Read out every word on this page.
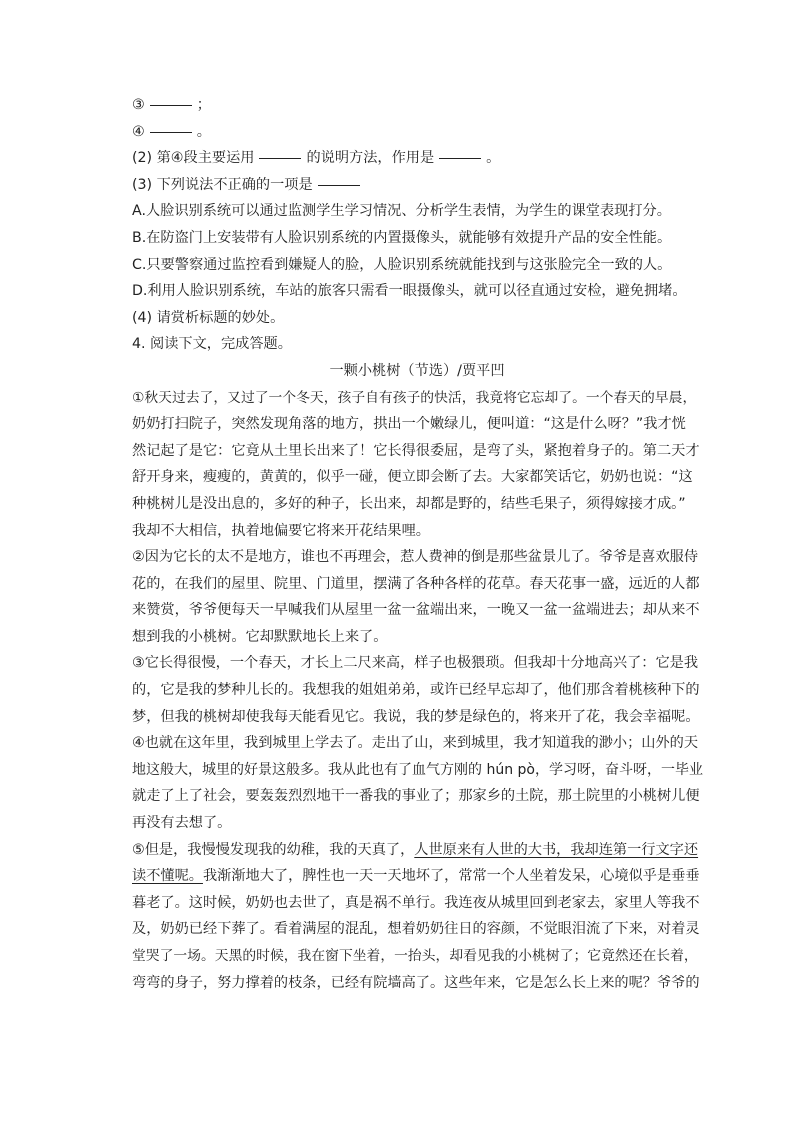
③	；

④	。

(2) 第④段主要运用	的说明方法，作用是	。

(3) 下列说法不正确的一项是

A.人脸识别系统可以通过监测学生学习情况、分析学生表情，为学生的课堂表现打分。

B.在防盗门上安装带有人脸识别系统的内置摄像头，就能够有效提升产品的安全性能。

C.只要警察通过监控看到嫌疑人的脸，人脸识别系统就能找到与这张脸完全一致的人。

D.利用人脸识别系统，车站的旅客只需看一眼摄像头，就可以径直通过安检，避免拥堵。

(4) 请赏析标题的妙处。

4. 阅读下文，完成答题。

一颗小桃树（节选）/贾平凹

①秋天过去了，又过了一个冬天，孩子自有孩子的快活，我竟将它忘却了。一个春天的早晨，

奶奶打扫院子，突然发现角落的地方，拱出一个嫩绿儿，便叫道：“这是什么呀？”我才恍

然记起了是它：它竟从土里长出来了！它长得很委屈，是弯了头，紧抱着身子的。第二天才

舒开身来，瘦瘦的，黄黄的，似乎一碰，便立即会断了去。大家都笑话它，奶奶也说：“这

种桃树儿是没出息的，多好的种子，长出来，却都是野的，结些毛果子，须得嫁接才成。”

我却不大相信，执着地偏要它将来开花结果哩。

②因为它长的太不是地方，谁也不再理会，惹人费神的倒是那些盆景儿了。爷爷是喜欢服侍

花的，在我们的屋里、院里、门道里，摆满了各种各样的花草。春天花事一盛，远近的人都

来赞赏，爷爷便每天一早喊我们从屋里一盆一盆端出来，一晚又一盆一盆端进去；却从来不

想到我的小桃树。它却默默地长上来了。

③它长得很慢，一个春天，才长上二尺来高，样子也极猥琐。但我却十分地高兴了：它是我

的，它是我的梦种儿长的。我想我的姐姐弟弟，或许已经早忘却了，他们那含着桃核种下的

梦，但我的桃树却使我每天能看见它。我说，我的梦是绿色的，将来开了花，我会幸福呢。

④也就在这年里，我到城里上学去了。走出了山，来到城里，我才知道我的渺小；山外的天

地这般大，城里的好景这般多。我从此也有了血气方刚的 hún pò，学习呀，奋斗呀，一毕业

就走了上了社会，要轰轰烈烈地干一番我的事业了；那家乡的土院，那土院里的小桃树儿便

再没有去想了。

⑤但是，我慢慢发现我的幼稚，我的天真了，人世原来有人世的大书，我却连第一行文字还

读不懂呢。我渐渐地大了，脾性也一天一天地坏了，常常一个人坐着发呆，心境似乎是垂垂

暮老了。这时候，奶奶也去世了，真是祸不单行。我连夜从城里回到老家去，家里人等我不

及，奶奶已经下葬了。看着满屋的混乱，想着奶奶往日的容颜，不觉眼泪流了下来，对着灵

堂哭了一场。天黑的时候，我在窗下坐着，一抬头，却看见我的小桃树了；它竟然还在长着，

弯弯的身子，努力撑着的枝条，已经有院墙高了。这些年来，它是怎么长上来的呢？爷爷的
